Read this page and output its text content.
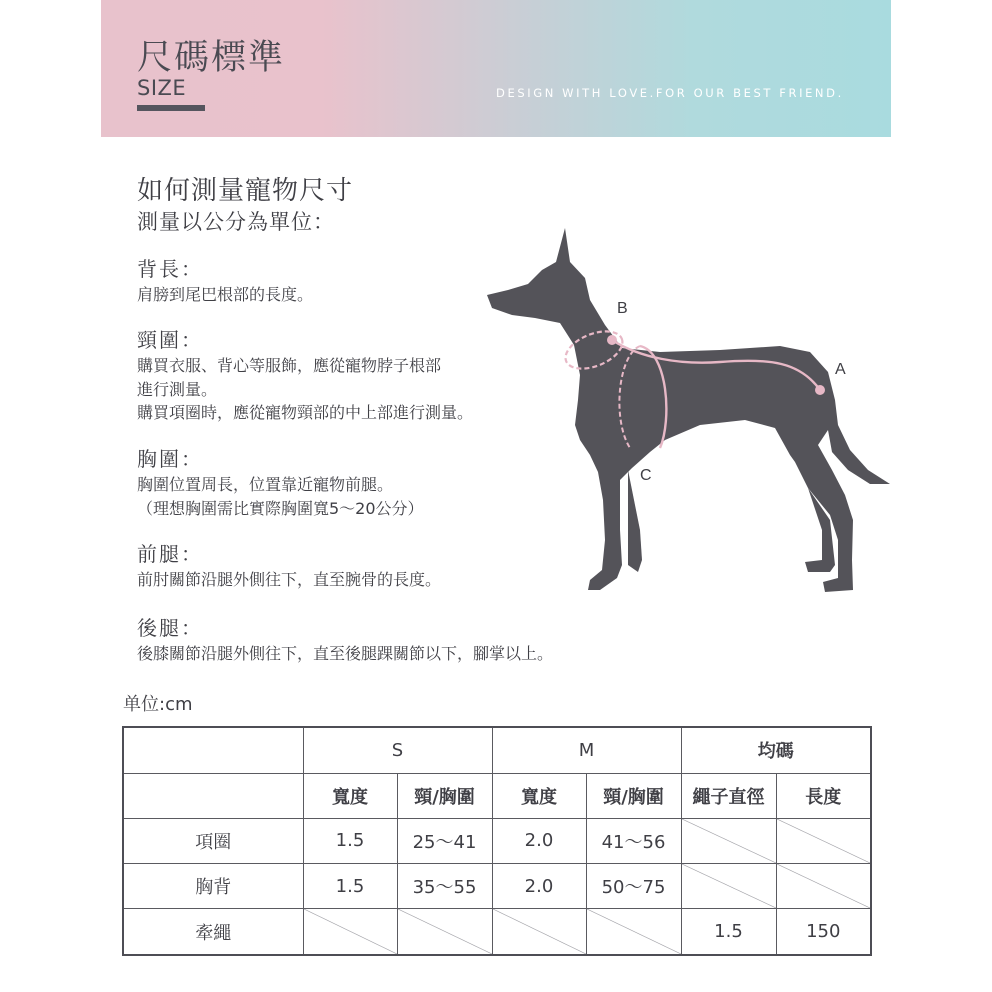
尺碼標準
SIZE	DESIGN WITH LOVE.FOR OUR BEST FRIEND.
如何測量寵物尺寸
測量以公分為單位：
背長：
肩膀到尾巴根部的長度。
頸圍：
購買衣服、背心等服飾，應從寵物脖子根部
進行測量。
購買項圈時，應從寵物頸部的中上部進行測量。
胸圍：
胸圍位置周長，位置靠近寵物前腿。
（理想胸圍需比實際胸圍寬5～20公分）
前腿：
前肘關節沿腿外側往下，直至腕骨的長度。
後腿：
後膝關節沿腿外側往下，直至後腿踝關節以下，腳掌以上。
B
A
C
单位:cm
	S		M		均碼	
	寬度	頸/胸圍	寬度	頸/胸圍	繩子直徑	長度
項圈	1.5	25～41	2.0	41～56		
胸背	1.5	35～55	2.0	50～75		
牽繩					1.5	150
